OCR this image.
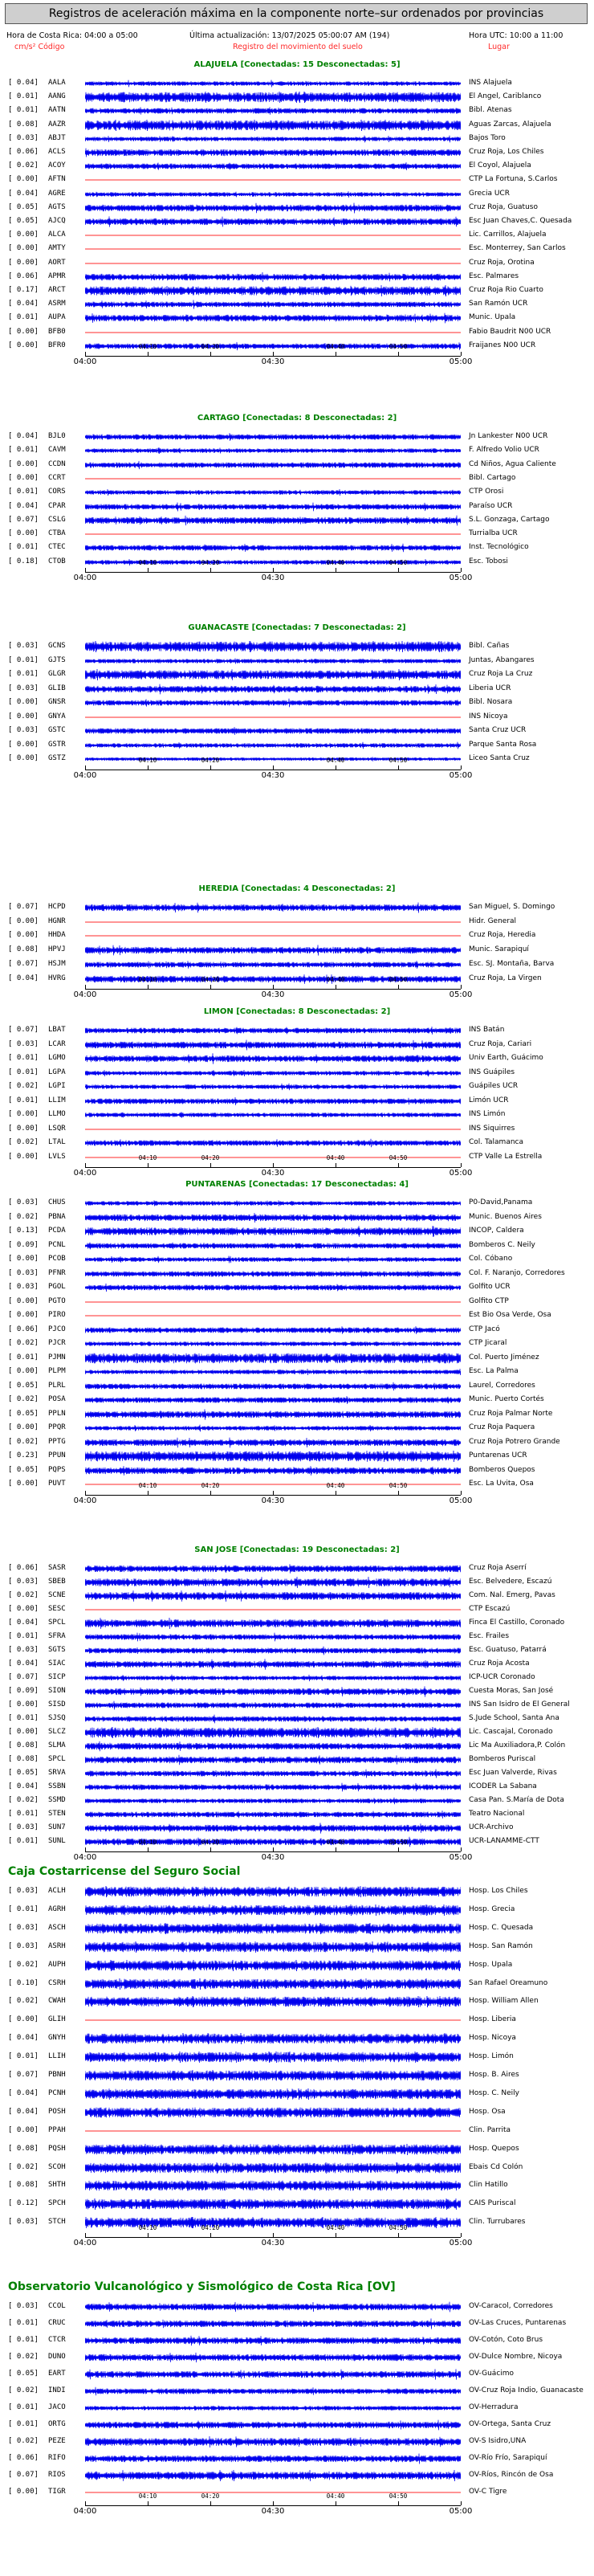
Registros de aceleración máxima en la componente norte–sur ordenados por provincias
Hora de Costa Rica: 04:00 a 05:00
cm/s² Código
Última actualización: 13/07/2025 05:00:07 AM (194)
Registro del movimiento del suelo
Hora UTC: 10:00 a 11:00
Lugar
ALAJUELA [Conectadas: 15 Desconectadas: 5]
[ 0.04] AALA	INS Alajuela
[ 0.01] AANG	El Angel, Cariblanco
[ 0.01] AATN	Bibl. Atenas
[ 0.08] AAZR	Aguas Zarcas, Alajuela
[ 0.03] ABJT	Bajos Toro
[ 0.06] ACLS	Cruz Roja, Los Chiles
[ 0.02] ACOY	El Coyol, Alajuela
[ 0.00] AFTN	CTP La Fortuna, S.Carlos
[ 0.04] AGRE	Grecia UCR
[ 0.05] AGTS	Cruz Roja, Guatuso
[ 0.05] AJCQ	Esc Juan Chaves,C. Quesada
[ 0.00] ALCA	Lic. Carrillos, Alajuela
[ 0.00] AMTY	Esc. Monterrey, San Carlos
[ 0.00] AORT	Cruz Roja, Orotina
[ 0.06] APMR	Esc. Palmares
[ 0.17] ARCT	Cruz Roja Rio Cuarto
[ 0.04] ASRM	San Ramón UCR
[ 0.01] AUPA	Munic. Upala
[ 0.00] BFB0	Fabio Baudrit N00 UCR
[ 0.00] BFR0	Fraijanes N00 UCR
04:00
04:10	04:20
04:30
04:40	04:50
05:00
CARTAGO [Conectadas: 8 Desconectadas: 2]
[ 0.04] BJL0	Jn Lankester N00 UCR
[ 0.01] CAVM	F. Alfredo Volio UCR
[ 0.00] CCDN	Cd Niños, Agua Caliente
[ 0.00] CCRT	Bibl. Cartago
[ 0.01] CORS	CTP Orosi
[ 0.04] CPAR	Paraíso UCR
[ 0.07] CSLG	S.L. Gonzaga, Cartago
[ 0.00] CTBA	Turrialba UCR
[ 0.01] CTEC	Inst. Tecnológico
[ 0.18] CTOB	Esc. Tobosi
04:00
04:10	04:20
04:30
04:40	04:50
05:00
GUANACASTE [Conectadas: 7 Desconectadas: 2]
[ 0.03] GCNS	Bibl. Cañas
[ 0.01] GJTS	Juntas, Abangares
[ 0.01] GLGR	Cruz Roja La Cruz
[ 0.03] GLIB	Liberia UCR
[ 0.00] GNSR	Bibl. Nosara
[ 0.00] GNYA	INS Nicoya
[ 0.03] GSTC	Santa Cruz UCR
[ 0.00] GSTR	Parque Santa Rosa
[ 0.00] GSTZ	Liceo Santa Cruz
04:00
04:10	04:20
04:30
04:40	04:50
05:00
HEREDIA [Conectadas: 4 Desconectadas: 2]
[ 0.07] HCPD	San Miguel, S. Domingo
[ 0.00] HGNR	Hidr. General
[ 0.00] HHDA	Cruz Roja, Heredia
[ 0.08] HPVJ	Munic. Sarapiquí
[ 0.07] HSJM	Esc. SJ. Montaña, Barva
[ 0.04] HVRG	Cruz Roja, La Virgen
04:00
04:10	04:20
04:30
04:40	04:50
05:00
LIMON [Conectadas: 8 Desconectadas: 2]
[ 0.07] LBAT	INS Batán
[ 0.03] LCAR	Cruz Roja, Cariari
[ 0.01] LGMO	Univ Earth, Guácimo
[ 0.01] LGPA	INS Guápiles
[ 0.02] LGPI	Guápiles UCR
[ 0.01] LLIM	Limón UCR
[ 0.00] LLMO	INS Limón
[ 0.00] LSQR	INS Siquirres
[ 0.02] LTAL	Col. Talamanca
[ 0.00] LVLS	CTP Valle La Estrella
04:00
04:10	04:20
04:30
04:40	04:50
05:00
PUNTARENAS [Conectadas: 17 Desconectadas: 4]
[ 0.03] CHUS	P0-David,Panama
[ 0.02] PBNA	Munic. Buenos Aires
[ 0.13] PCDA	INCOP, Caldera
[ 0.09] PCNL	Bomberos C. Neily
[ 0.00] PCOB	Col. Cóbano
[ 0.03] PFNR	Col. F. Naranjo, Corredores
[ 0.03] PGOL	Golfito UCR
[ 0.00] PGTO	Golfito CTP
[ 0.00] PIRO	Est Bio Osa Verde, Osa
[ 0.06] PJCO	CTP Jacó
[ 0.02] PJCR	CTP Jicaral
[ 0.01] PJMN	Col. Puerto Jiménez
[ 0.00] PLPM	Esc. La Palma
[ 0.05] PLRL	Laurel, Corredores
[ 0.02] POSA	Munic. Puerto Cortés
[ 0.05] PPLN	Cruz Roja Palmar Norte
[ 0.00] PPQR	Cruz Roja Paquera
[ 0.02] PPTG	Cruz Roja Potrero Grande
[ 0.23] PPUN	Puntarenas UCR
[ 0.05] PQPS	Bomberos Quepos
[ 0.00] PUVT	Esc. La Uvita, Osa
04:00
04:10	04:20
04:30
04:40	04:50
05:00
SAN JOSE [Conectadas: 19 Desconectadas: 2]
[ 0.06] SASR	Cruz Roja Aserrí
[ 0.03] SBEB	Esc. Belvedere, Escazú
[ 0.02] SCNE	Com. Nal. Emerg, Pavas
[ 0.00] SESC	CTP Escazú
[ 0.04] SPCL	Finca El Castillo, Coronado
[ 0.01] SFRA	Esc. Frailes
[ 0.03] SGTS	Esc. Guatuso, Patarrá
[ 0.04] SIAC	Cruz Roja Acosta
[ 0.07] SICP	ICP-UCR Coronado
[ 0.09] SION	Cuesta Moras, San José
[ 0.00] SISD	INS San Isidro de El General
[ 0.01] SJSQ	S.Jude School, Santa Ana
[ 0.00] SLCZ	Lic. Cascajal, Coronado
[ 0.08] SLMA	Lic Ma Auxiliadora,P. Colón
[ 0.08] SPCL	Bomberos Puriscal
[ 0.05] SRVA	Esc Juan Valverde, Rivas
[ 0.04] SSBN	ICODER La Sabana
[ 0.02] SSMD	Casa Pan. S.María de Dota
[ 0.01] STEN	Teatro Nacional
[ 0.03] SUN7	UCR-Archivo
[ 0.01] SUNL	UCR-LANAMME-CTT
04:00
04:10	04:20
04:30
04:40	04:50
05:00
Caja Costarricense del Seguro Social
[ 0.03] ACLH	Hosp. Los Chiles
[ 0.01] AGRH	Hosp. Grecia
[ 0.03] ASCH	Hosp. C. Quesada
[ 0.03] ASRH	Hosp. San Ramón
[ 0.02] AUPH	Hosp. Upala
[ 0.10] CSRH	San Rafael Oreamuno
[ 0.02] CWAH	Hosp. William Allen
[ 0.00] GLIH	Hosp. Liberia
[ 0.04] GNYH	Hosp. Nicoya
[ 0.01] LLIH	Hosp. Limón
[ 0.07] PBNH	Hosp. B. Aires
[ 0.04] PCNH	Hosp. C. Neily
[ 0.04] POSH	Hosp. Osa
[ 0.00] PPAH	Clin. Parrita
[ 0.08] PQSH	Hosp. Quepos
[ 0.02] SCOH	Ebais Cd Colón
[ 0.08] SHTH	Clin Hatillo
[ 0.12] SPCH	CAIS Puriscal
[ 0.03] STCH	Clin. Turrubares
04:00
04:10	04:20
04:30
04:40	04:50
05:00
Observatorio Vulcanológico y Sismológico de Costa Rica [OV]
[ 0.03] CCOL	OV-Caracol, Corredores
[ 0.01] CRUC	OV-Las Cruces, Puntarenas
[ 0.01] CTCR	OV-Cotón, Coto Brus
[ 0.02] DUNO	OV-Dulce Nombre, Nicoya
[ 0.05] EART	OV-Guácimo
[ 0.02] INDI	OV-Cruz Roja Indio, Guanacaste
[ 0.01] JACO	OV-Herradura
[ 0.01] ORTG	OV-Ortega, Santa Cruz
[ 0.02] PEZE	OV-S Isidro,UNA
[ 0.06] RIFO	OV-Río Frío, Sarapiquí
[ 0.07] RIOS	OV-Ríos, Rincón de Osa
[ 0.00] TIGR	OV-C Tigre
04:00
04:10	04:20
04:30
04:40	04:50
05:00
